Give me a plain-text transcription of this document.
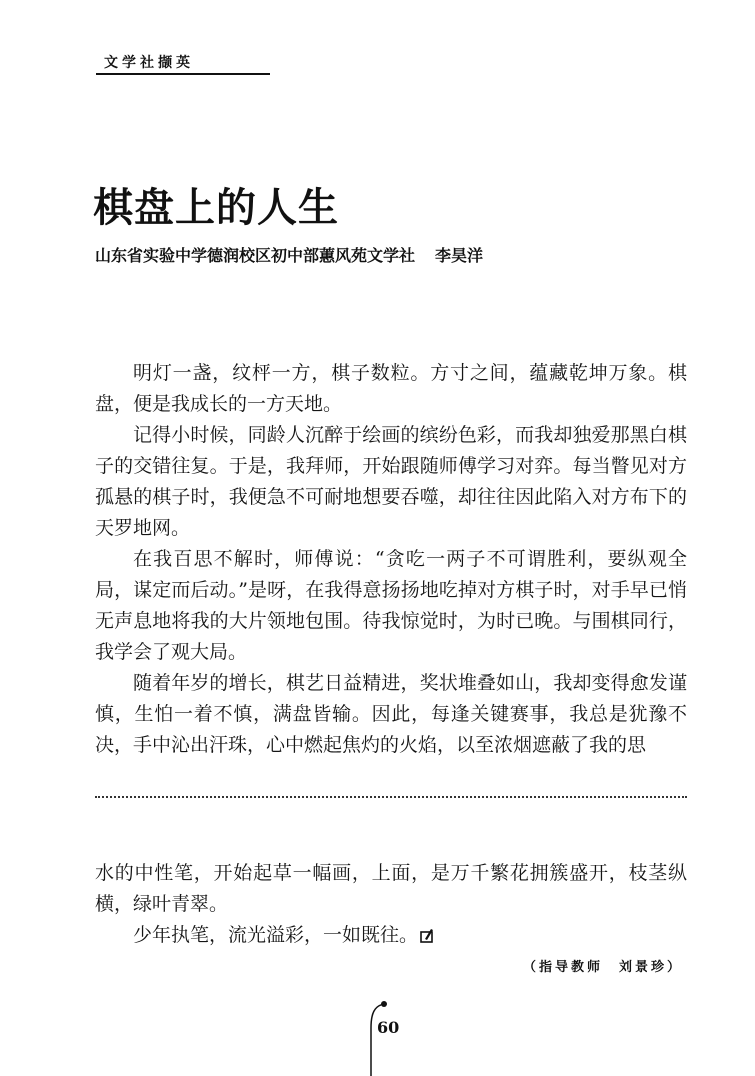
文学社撷英
棋盘上的人生
山东省实验中学德润校区初中部蕙风苑文学社 李昊洋

明灯一盏，纹枰一方，棋子数粒。方寸之间，蕴藏乾坤万象。棋盘，便是我成长的一方天地。

记得小时候，同龄人沉醉于绘画的缤纷色彩，而我却独爱那黑白棋子的交错往复。于是，我拜师，开始跟随师傅学习对弈。每当瞥见对方孤悬的棋子时，我便急不可耐地想要吞噬，却往往因此陷入对方布下的天罗地网。

在我百思不解时，师傅说：“贪吃一两子不可谓胜利，要纵观全局，谋定而后动。”是呀，在我得意扬扬地吃掉对方棋子时，对手早已悄无声息地将我的大片领地包围。待我惊觉时，为时已晚。与围棋同行，我学会了观大局。

随着年岁的增长，棋艺日益精进，奖状堆叠如山，我却变得愈发谨慎，生怕一着不慎，满盘皆输。因此，每逢关键赛事，我总是犹豫不决，手中沁出汗珠，心中燃起焦灼的火焰，以至浓烟遮蔽了我的思

水的中性笔，开始起草一幅画，上面，是万千繁花拥簇盛开，枝茎纵横，绿叶青翠。

少年执笔，流光溢彩，一如既往。

（指导教师　刘景珍）
60
